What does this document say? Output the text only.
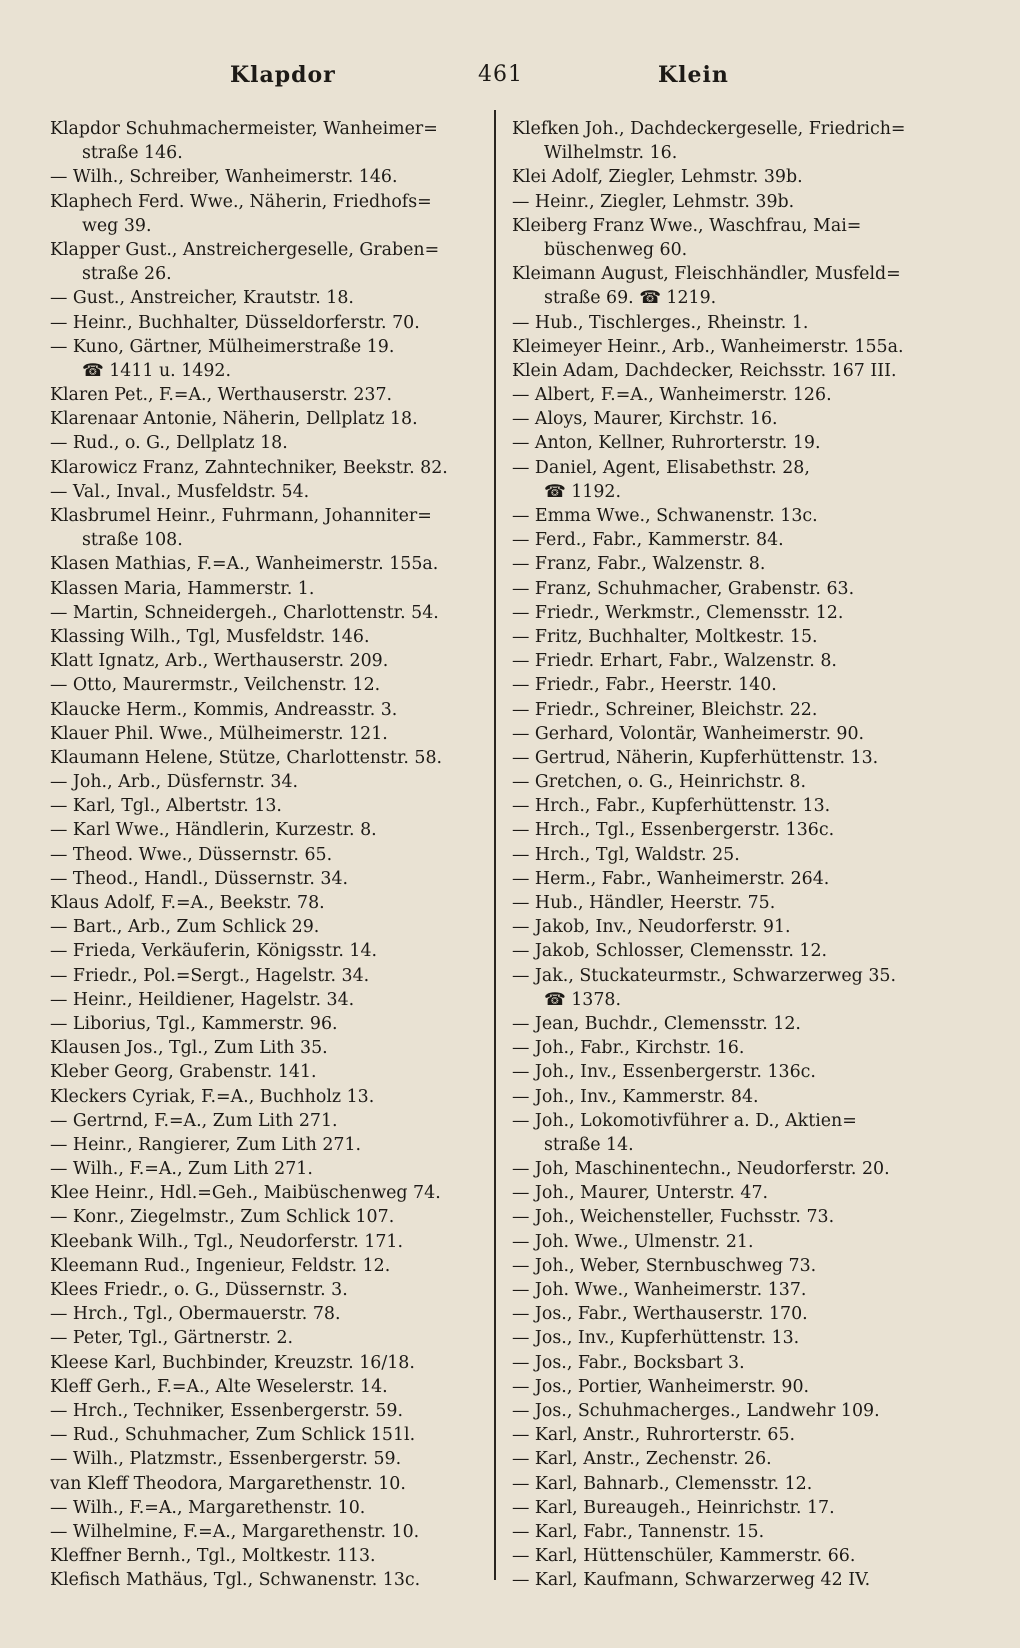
Klapdor	461	Klein
Klapdor Schuhmachermeister, Wanheimer=
straße 146.
— Wilh., Schreiber, Wanheimerstr. 146.
Klaphech Ferd. Wwe., Näherin, Friedhofs=
weg 39.
Klapper Gust., Anstreichergeselle, Graben=
straße 26.
— Gust., Anstreicher, Krautstr. 18.
— Heinr., Buchhalter, Düsseldorferstr. 70.
— Kuno, Gärtner, Mülheimerstraße 19.
☎ 1411 u. 1492.
Klaren Pet., F.=A., Werthauserstr. 237.
Klarenaar Antonie, Näherin, Dellplatz 18.
— Rud., o. G., Dellplatz 18.
Klarowicz Franz, Zahntechniker, Beekstr. 82.
— Val., Inval., Musfeldstr. 54.
Klasbrumel Heinr., Fuhrmann, Johanniter=
straße 108.
Klasen Mathias, F.=A., Wanheimerstr. 155a.
Klassen Maria, Hammerstr. 1.
— Martin, Schneidergeh., Charlottenstr. 54.
Klassing Wilh., Tgl, Musfeldstr. 146.
Klatt Ignatz, Arb., Werthauserstr. 209.
— Otto, Maurermstr., Veilchenstr. 12.
Klaucke Herm., Kommis, Andreasstr. 3.
Klauer Phil. Wwe., Mülheimerstr. 121.
Klaumann Helene, Stütze, Charlottenstr. 58.
— Joh., Arb., Düsfernstr. 34.
— Karl, Tgl., Albertstr. 13.
— Karl Wwe., Händlerin, Kurzestr. 8.
— Theod. Wwe., Düssernstr. 65.
— Theod., Handl., Düssernstr. 34.
Klaus Adolf, F.=A., Beekstr. 78.
— Bart., Arb., Zum Schlick 29.
— Frieda, Verkäuferin, Königsstr. 14.
— Friedr., Pol.=Sergt., Hagelstr. 34.
— Heinr., Heildiener, Hagelstr. 34.
— Liborius, Tgl., Kammerstr. 96.
Klausen Jos., Tgl., Zum Lith 35.
Kleber Georg, Grabenstr. 141.
Kleckers Cyriak, F.=A., Buchholz 13.
— Gertrnd, F.=A., Zum Lith 271.
— Heinr., Rangierer, Zum Lith 271.
— Wilh., F.=A., Zum Lith 271.
Klee Heinr., Hdl.=Geh., Maibüschenweg 74.
— Konr., Ziegelmstr., Zum Schlick 107.
Kleebank Wilh., Tgl., Neudorferstr. 171.
Kleemann Rud., Ingenieur, Feldstr. 12.
Klees Friedr., o. G., Düssernstr. 3.
— Hrch., Tgl., Obermauerstr. 78.
— Peter, Tgl., Gärtnerstr. 2.
Kleese Karl, Buchbinder, Kreuzstr. 16/18.
Kleff Gerh., F.=A., Alte Weselerstr. 14.
— Hrch., Techniker, Essenbergerstr. 59.
— Rud., Schuhmacher, Zum Schlick 151l.
— Wilh., Platzmstr., Essenbergerstr. 59.
van Kleff Theodora, Margarethenstr. 10.
— Wilh., F.=A., Margarethenstr. 10.
— Wilhelmine, F.=A., Margarethenstr. 10.
Kleffner Bernh., Tgl., Moltkestr. 113.
Klefisch Mathäus, Tgl., Schwanenstr. 13c.
Klefken Joh., Dachdeckergeselle, Friedrich=
Wilhelmstr. 16.
Klei Adolf, Ziegler, Lehmstr. 39b.
— Heinr., Ziegler, Lehmstr. 39b.
Kleiberg Franz Wwe., Waschfrau, Mai=
büschenweg 60.
Kleimann August, Fleischhändler, Musfeld=
straße 69. ☎ 1219.
— Hub., Tischlerges., Rheinstr. 1.
Kleimeyer Heinr., Arb., Wanheimerstr. 155a.
Klein Adam, Dachdecker, Reichsstr. 167 III.
— Albert, F.=A., Wanheimerstr. 126.
— Aloys, Maurer, Kirchstr. 16.
— Anton, Kellner, Ruhrorterstr. 19.
— Daniel, Agent, Elisabethstr. 28,
☎ 1192.
— Emma Wwe., Schwanenstr. 13c.
— Ferd., Fabr., Kammerstr. 84.
— Franz, Fabr., Walzenstr. 8.
— Franz, Schuhmacher, Grabenstr. 63.
— Friedr., Werkmstr., Clemensstr. 12.
— Fritz, Buchhalter, Moltkestr. 15.
— Friedr. Erhart, Fabr., Walzenstr. 8.
— Friedr., Fabr., Heerstr. 140.
— Friedr., Schreiner, Bleichstr. 22.
— Gerhard, Volontär, Wanheimerstr. 90.
— Gertrud, Näherin, Kupferhüttenstr. 13.
— Gretchen, o. G., Heinrichstr. 8.
— Hrch., Fabr., Kupferhüttenstr. 13.
— Hrch., Tgl., Essenbergerstr. 136c.
— Hrch., Tgl, Waldstr. 25.
— Herm., Fabr., Wanheimerstr. 264.
— Hub., Händler, Heerstr. 75.
— Jakob, Inv., Neudorferstr. 91.
— Jakob, Schlosser, Clemensstr. 12.
— Jak., Stuckateurmstr., Schwarzerweg 35.
☎ 1378.
— Jean, Buchdr., Clemensstr. 12.
— Joh., Fabr., Kirchstr. 16.
— Joh., Inv., Essenbergerstr. 136c.
— Joh., Inv., Kammerstr. 84.
— Joh., Lokomotivführer a. D., Aktien=
straße 14.
— Joh, Maschinentechn., Neudorferstr. 20.
— Joh., Maurer, Unterstr. 47.
— Joh., Weichensteller, Fuchsstr. 73.
— Joh. Wwe., Ulmenstr. 21.
— Joh., Weber, Sternbuschweg 73.
— Joh. Wwe., Wanheimerstr. 137.
— Jos., Fabr., Werthauserstr. 170.
— Jos., Inv., Kupferhüttenstr. 13.
— Jos., Fabr., Bocksbart 3.
— Jos., Portier, Wanheimerstr. 90.
— Jos., Schuhmacherges., Landwehr 109.
— Karl, Anstr., Ruhrorterstr. 65.
— Karl, Anstr., Zechenstr. 26.
— Karl, Bahnarb., Clemensstr. 12.
— Karl, Bureaugeh., Heinrichstr. 17.
— Karl, Fabr., Tannenstr. 15.
— Karl, Hüttenschüler, Kammerstr. 66.
— Karl, Kaufmann, Schwarzerweg 42 IV.
